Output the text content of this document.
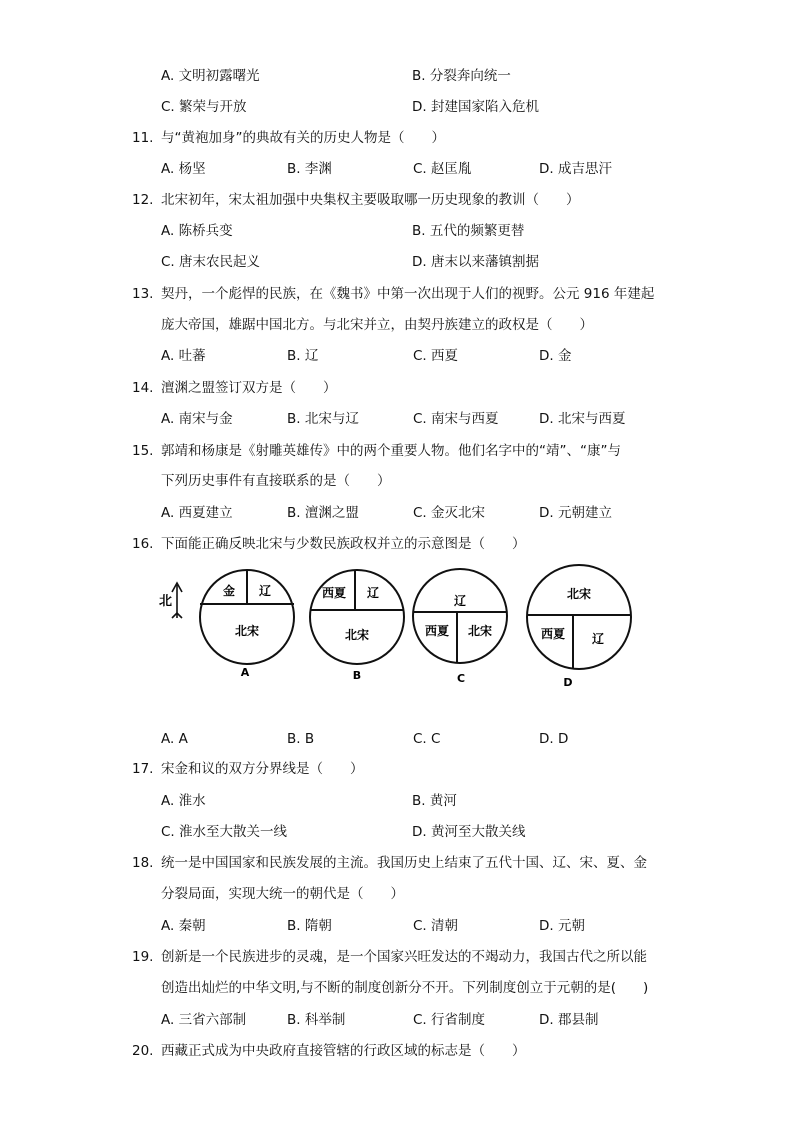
A. 文明初露曙光	B. 分裂奔向统一
C. 繁荣与开放	D. 封建国家陷入危机
11. 与“黄袍加身”的典故有关的历史人物是（　　）
A. 杨坚	B. 李渊	C. 赵匡胤	D. 成吉思汗
12. 北宋初年，宋太祖加强中央集权主要吸取哪一历史现象的教训（　　）
A. 陈桥兵变	B. 五代的频繁更替
C. 唐末农民起义	D. 唐末以来藩镇割据
13. 契丹，一个彪悍的民族，在《魏书》中第一次出现于人们的视野。公元 916 年建起
庞大帝国，雄踞中国北方。与北宋并立，由契丹族建立的政权是（　　）
A. 吐蕃	B. 辽	C. 西夏	D. 金
14. 澶渊之盟签订双方是（　　）
A. 南宋与金	B. 北宋与辽	C. 南宋与西夏	D. 北宋与西夏
15. 郭靖和杨康是《射雕英雄传》中的两个重要人物。他们名字中的“靖”、“康”与
下列历史事件有直接联系的是（　　）
A. 西夏建立	B. 澶渊之盟	C. 金灭北宋	D. 元朝建立
16. 下面能正确反映北宋与少数民族政权并立的示意图是（　　）
北
金 辽
北宋
A
西夏 辽
北宋
B
辽
西夏 北宋
C
北宋
西夏 辽
D
A. A	B. B	C. C	D. D
17. 宋金和议的双方分界线是（　　）
A. 淮水	B. 黄河
C. 淮水至大散关一线	D. 黄河至大散关线
18. 统一是中国国家和民族发展的主流。我国历史上结束了五代十国、辽、宋、夏、金
分裂局面，实现大统一的朝代是（　　）
A. 秦朝	B. 隋朝	C. 清朝	D. 元朝
19. 创新是一个民族进步的灵魂，是一个国家兴旺发达的不竭动力，我国古代之所以能
创造出灿烂的中华文明,与不断的制度创新分不开。下列制度创立于元朝的是(　　)
A. 三省六部制	B. 科举制	C. 行省制度	D. 郡县制
20. 西藏正式成为中央政府直接管辖的行政区域的标志是（　　）
